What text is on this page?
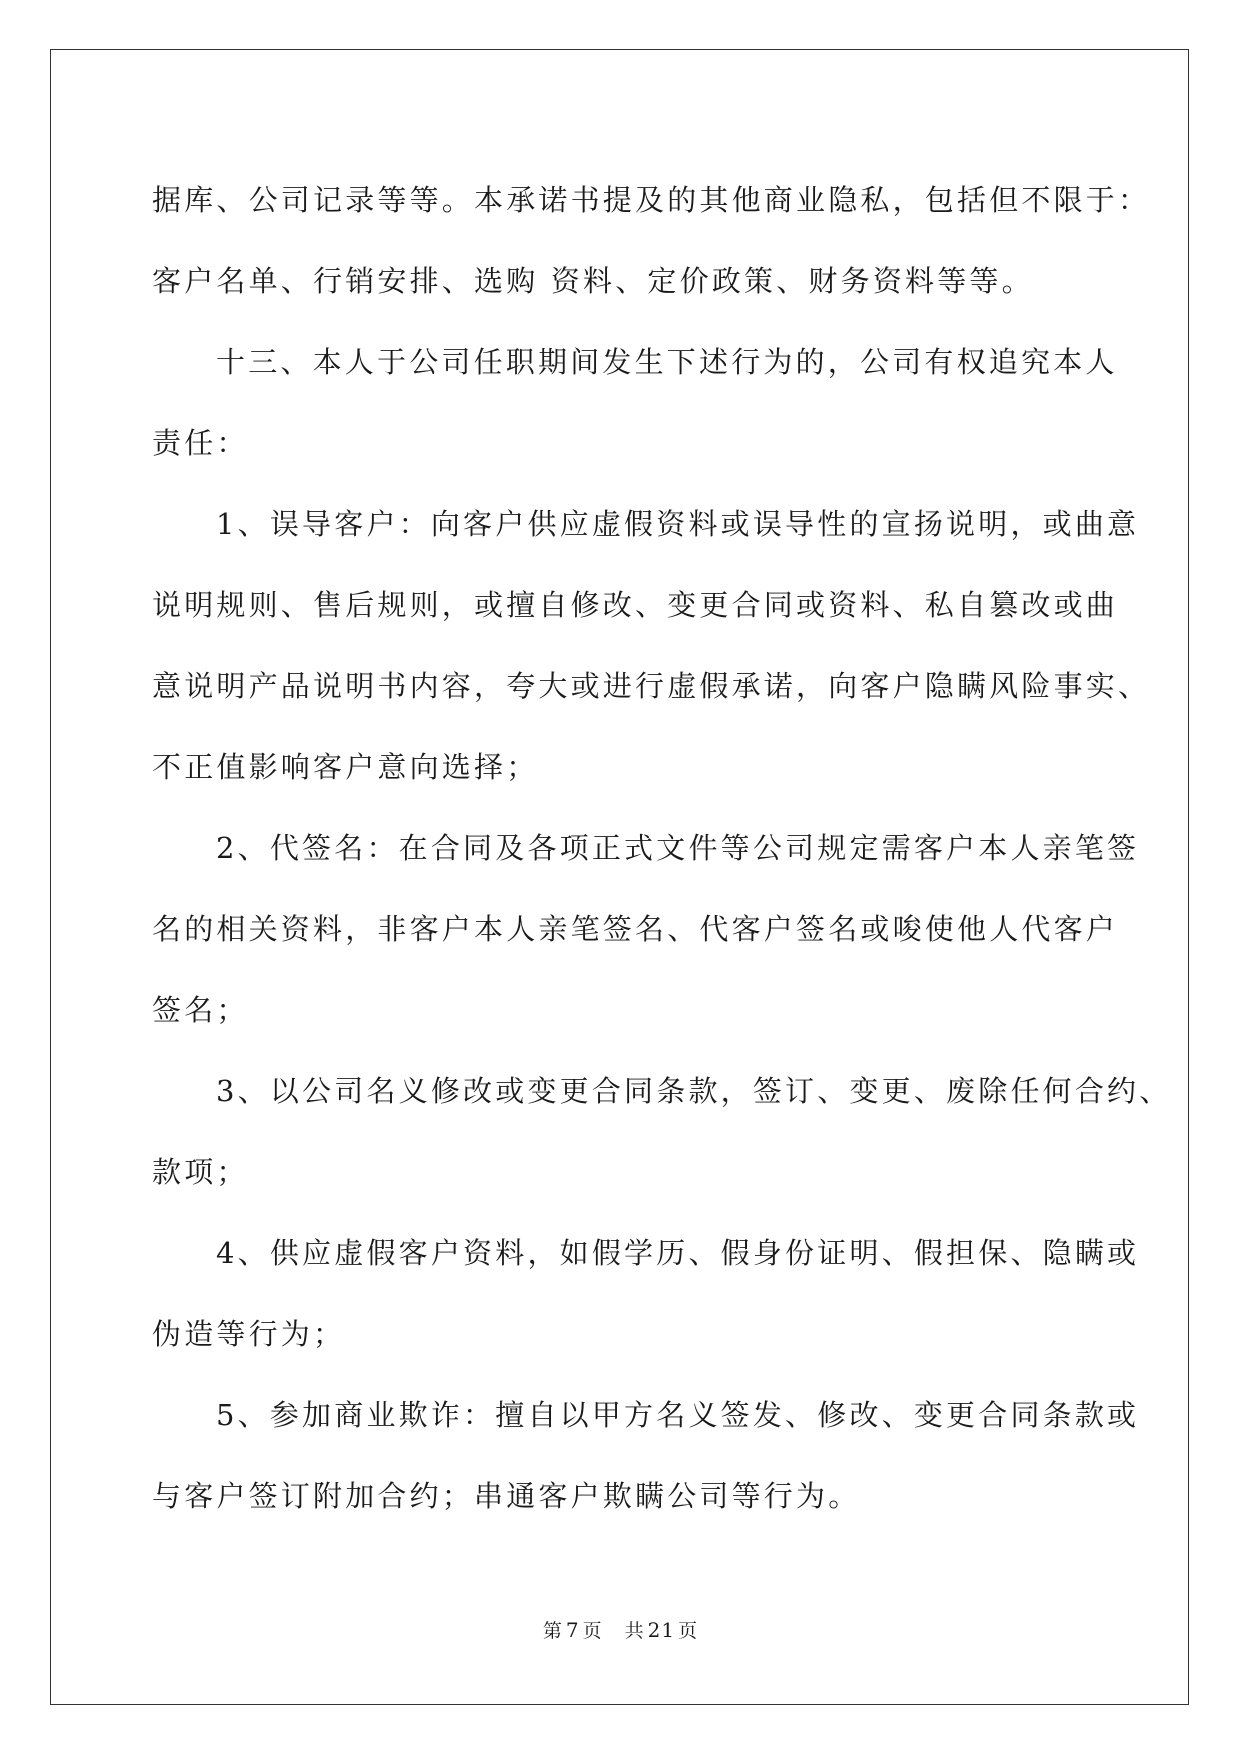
据库、公司记录等等。本承诺书提及的其他商业隐私，包括但不限于：

客户名单、行销安排、选购 资料、定价政策、财务资料等等。

十三、本人于公司任职期间发生下述行为的，公司有权追究本人

责任：

1、误导客户：向客户供应虚假资料或误导性的宣扬说明，或曲意

说明规则、售后规则，或擅自修改、变更合同或资料、私自篡改或曲

意说明产品说明书内容，夸大或进行虚假承诺，向客户隐瞒风险事实、

不正值影响客户意向选择；

2、代签名：在合同及各项正式文件等公司规定需客户本人亲笔签

名的相关资料，非客户本人亲笔签名、代客户签名或唆使他人代客户

签名；

3、以公司名义修改或变更合同条款，签订、变更、废除任何合约、

款项；

4、供应虚假客户资料，如假学历、假身份证明、假担保、隐瞒或

伪造等行为；

5、参加商业欺诈：擅自以甲方名义签发、修改、变更合同条款或

与客户签订附加合约；串通客户欺瞒公司等行为。

第 7 页 共 21 页
